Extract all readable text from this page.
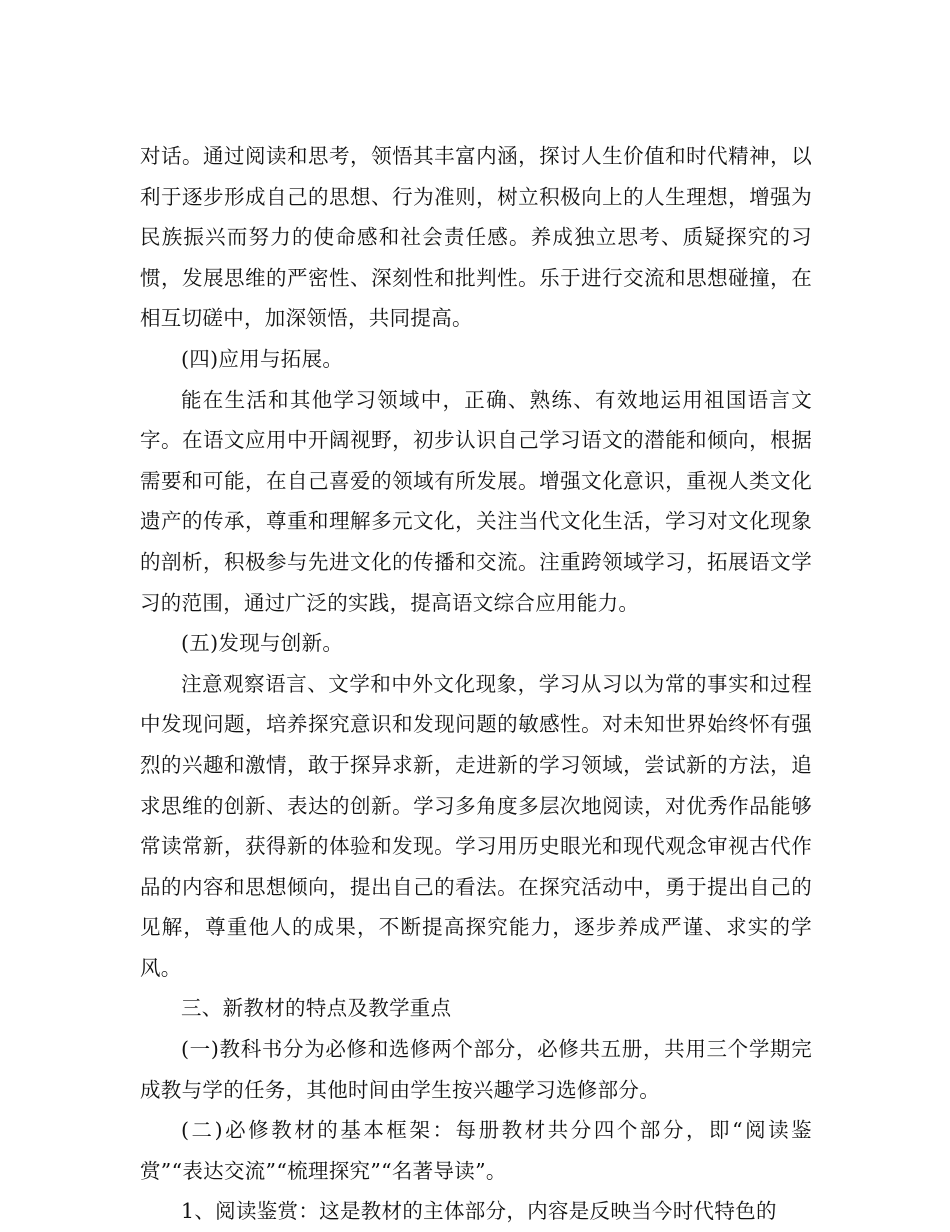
对话。通过阅读和思考，领悟其丰富内涵，探讨人生价值和时代精神，以利于逐步形成自己的思想、行为准则，树立积极向上的人生理想，增强为民族振兴而努力的使命感和社会责任感。养成独立思考、质疑探究的习惯，发展思维的严密性、深刻性和批判性。乐于进行交流和思想碰撞，在相互切磋中，加深领悟，共同提高。

(四)应用与拓展。

能在生活和其他学习领域中，正确、熟练、有效地运用祖国语言文字。在语文应用中开阔视野，初步认识自己学习语文的潜能和倾向，根据需要和可能，在自己喜爱的领域有所发展。增强文化意识，重视人类文化遗产的传承，尊重和理解多元文化，关注当代文化生活，学习对文化现象的剖析，积极参与先进文化的传播和交流。注重跨领域学习，拓展语文学习的范围，通过广泛的实践，提高语文综合应用能力。

(五)发现与创新。

注意观察语言、文学和中外文化现象，学习从习以为常的事实和过程中发现问题，培养探究意识和发现问题的敏感性。对未知世界始终怀有强烈的兴趣和激情，敢于探异求新，走进新的学习领域，尝试新的方法，追求思维的创新、表达的创新。学习多角度多层次地阅读，对优秀作品能够常读常新，获得新的体验和发现。学习用历史眼光和现代观念审视古代作品的内容和思想倾向，提出自己的看法。在探究活动中，勇于提出自己的见解，尊重他人的成果，不断提高探究能力，逐步养成严谨、求实的学风。

三、新教材的特点及教学重点

(一)教科书分为必修和选修两个部分，必修共五册，共用三个学期完成教与学的任务，其他时间由学生按兴趣学习选修部分。

(二)必修教材的基本框架：每册教材共分四个部分，即“阅读鉴赏”“表达交流”“梳理探究”“名著导读”。

1、阅读鉴赏：这是教材的主体部分，内容是反映当今时代特色的
